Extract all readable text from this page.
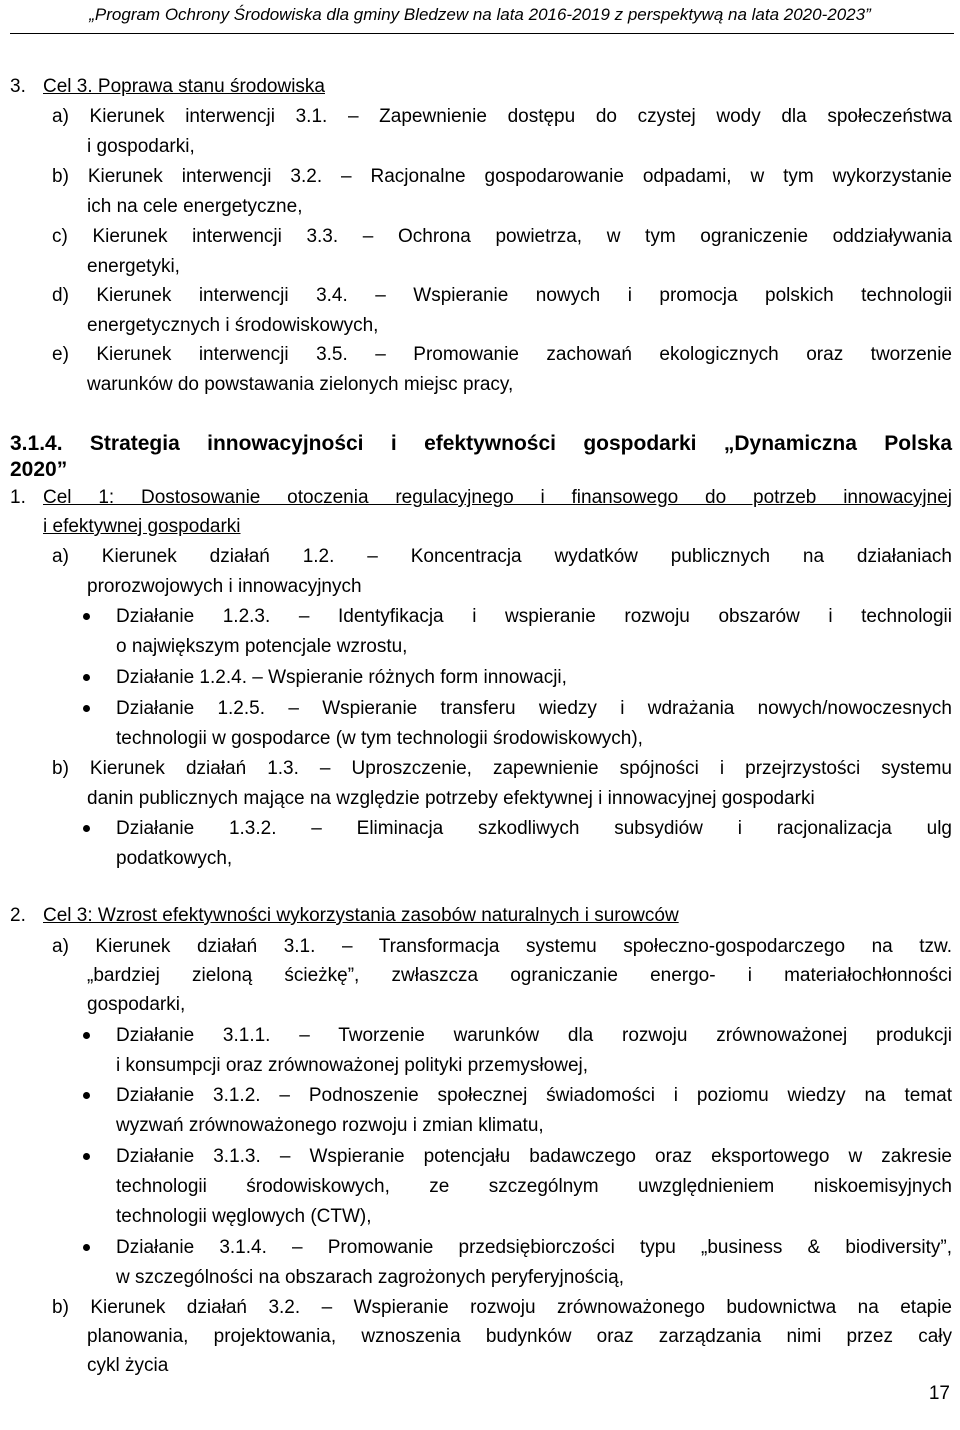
„Program Ochrony Środowiska dla gminy Bledzew na lata 2016-2019 z perspektywą na lata 2020-2023”
3. Cel 3. Poprawa stanu środowiska
a) Kierunek interwencji 3.1. – Zapewnienie dostępu do czystej wody dla społeczeństwa
i gospodarki,
b) Kierunek interwencji 3.2. – Racjonalne gospodarowanie odpadami, w tym wykorzystanie
ich na cele energetyczne,
c) Kierunek interwencji 3.3. – Ochrona powietrza, w tym ograniczenie oddziaływania
energetyki,
d) Kierunek interwencji 3.4. – Wspieranie nowych i promocja polskich technologii
energetycznych i środowiskowych,
e) Kierunek interwencji 3.5. – Promowanie zachowań ekologicznych oraz tworzenie
warunków do powstawania zielonych miejsc pracy,
3.1.4. Strategia innowacyjności i efektywności gospodarki „Dynamiczna Polska
2020”
1. Cel 1: Dostosowanie otoczenia regulacyjnego i finansowego do potrzeb innowacyjnej
i efektywnej gospodarki
a) Kierunek działań 1.2. – Koncentracja wydatków publicznych na działaniach
prorozwojowych i innowacyjnych
Działanie 1.2.3. – Identyfikacja i wspieranie rozwoju obszarów i technologii
o największym potencjale wzrostu,
Działanie 1.2.4. – Wspieranie różnych form innowacji,
Działanie 1.2.5. – Wspieranie transferu wiedzy i wdrażania nowych/nowoczesnych
technologii w gospodarce (w tym technologii środowiskowych),
b) Kierunek działań 1.3. – Uproszczenie, zapewnienie spójności i przejrzystości systemu
danin publicznych mające na względzie potrzeby efektywnej i innowacyjnej gospodarki
Działanie 1.3.2. – Eliminacja szkodliwych subsydiów i racjonalizacja ulg
podatkowych,
2. Cel 3: Wzrost efektywności wykorzystania zasobów naturalnych i surowców
a) Kierunek działań 3.1. – Transformacja systemu społeczno-gospodarczego na tzw.
„bardziej zieloną ścieżkę”, zwłaszcza ograniczanie energo- i materiałochłonności
gospodarki,
Działanie 3.1.1. – Tworzenie warunków dla rozwoju zrównoważonej produkcji
i konsumpcji oraz zrównoważonej polityki przemysłowej,
Działanie 3.1.2. – Podnoszenie społecznej świadomości i poziomu wiedzy na temat
wyzwań zrównoważonego rozwoju i zmian klimatu,
Działanie 3.1.3. – Wspieranie potencjału badawczego oraz eksportowego w zakresie
technologii środowiskowych, ze szczególnym uwzględnieniem niskoemisyjnych
technologii węglowych (CTW),
Działanie 3.1.4. – Promowanie przedsiębiorczości typu „business & biodiversity”,
w szczególności na obszarach zagrożonych peryferyjnością,
b) Kierunek działań 3.2. – Wspieranie rozwoju zrównoważonego budownictwa na etapie
planowania, projektowania, wznoszenia budynków oraz zarządzania nimi przez cały
cykl życia
17
